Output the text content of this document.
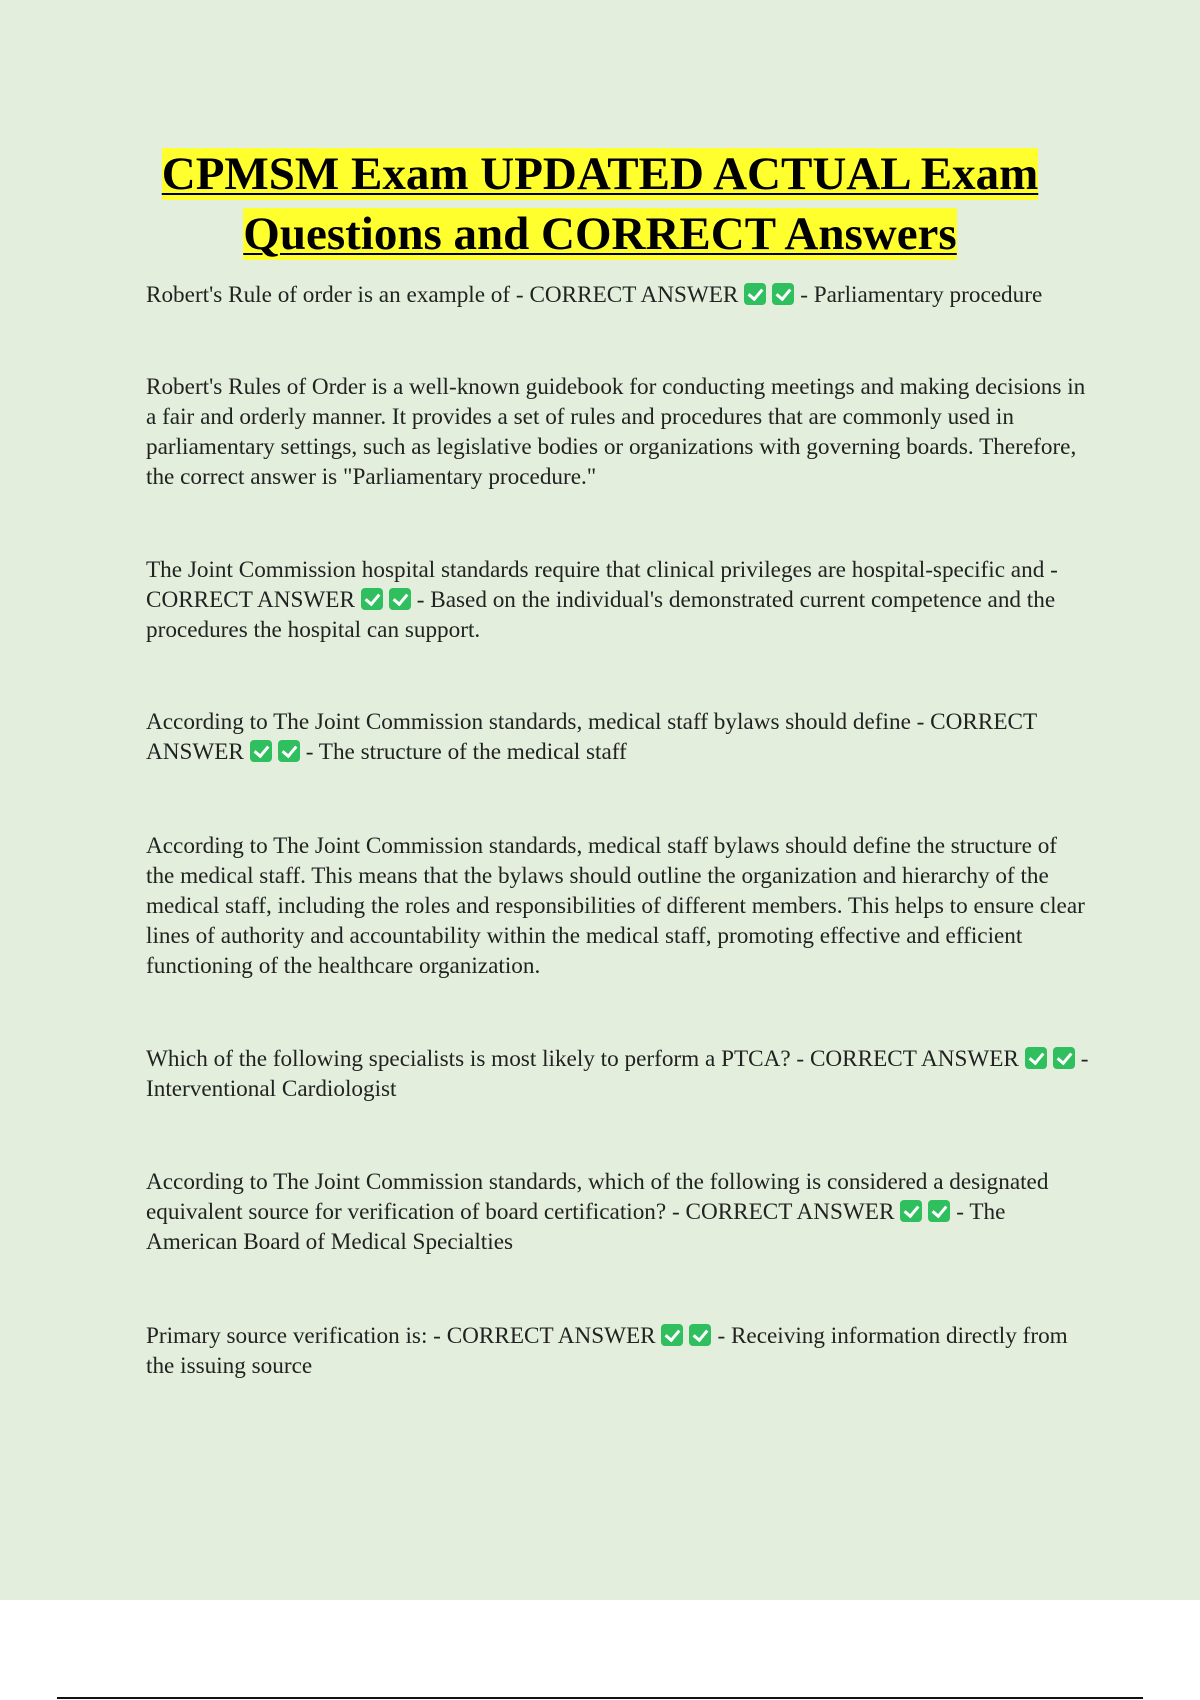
CPMSM Exam UPDATED ACTUAL Exam
Questions and CORRECT Answers

Robert's Rule of order is an example of - CORRECT ANSWER	- Parliamentary procedure

Robert's Rules of Order is a well-known guidebook for conducting meetings and making decisions in a fair and orderly manner. It provides a set of rules and procedures that are commonly used in parliamentary settings, such as legislative bodies or organizations with governing boards. Therefore, the correct answer is "Parliamentary procedure."

The Joint Commission hospital standards require that clinical privileges are hospital-specific and - CORRECT ANSWER	- Based on the individual's demonstrated current competence and the procedures the hospital can support.

According to The Joint Commission standards, medical staff bylaws should define - CORRECT ANSWER	- The structure of the medical staff

According to The Joint Commission standards, medical staff bylaws should define the structure of the medical staff. This means that the bylaws should outline the organization and hierarchy of the medical staff, including the roles and responsibilities of different members. This helps to ensure clear lines of authority and accountability within the medical staff, promoting effective and efficient functioning of the healthcare organization.

Which of the following specialists is most likely to perform a PTCA? - CORRECT ANSWER	- Interventional Cardiologist

According to The Joint Commission standards, which of the following is considered a designated equivalent source for verification of board certification? - CORRECT ANSWER	- The American Board of Medical Specialties

Primary source verification is: - CORRECT ANSWER	- Receiving information directly from the issuing source
